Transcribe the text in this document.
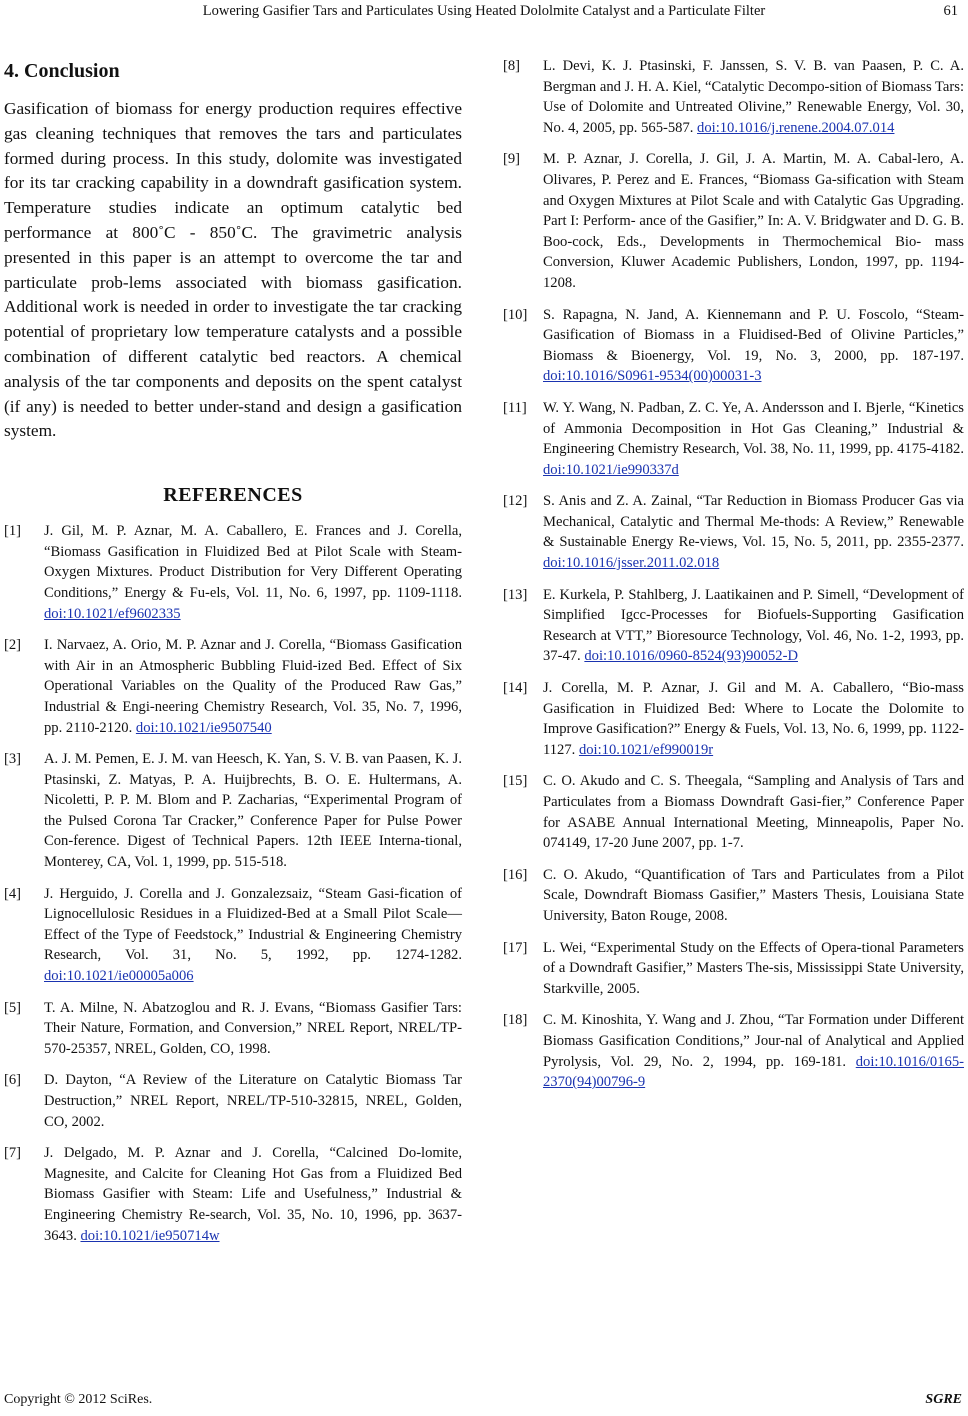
Lowering Gasifier Tars and Particulates Using Heated Dololmite Catalyst and a Particulate Filter	61
4. Conclusion

Gasification of biomass for energy production requires effective gas cleaning techniques that removes the tars and particulates formed during process. In this study, dolomite was investigated for its tar cracking capability in a downdraft gasification system. Temperature studies indicate an optimum catalytic bed performance at 800˚C - 850˚C. The gravimetric analysis presented in this paper is an attempt to overcome the tar and particulate prob-lems associated with biomass gasification. Additional work is needed in order to investigate the tar cracking potential of proprietary low temperature catalysts and a possible combination of different catalytic bed reactors. A chemical analysis of the tar components and deposits on the spent catalyst (if any) is needed to better under-stand and design a gasification system.

REFERENCES
[1]	J. Gil, M. P. Aznar, M. A. Caballero, E. Frances and J. Corella, “Biomass Gasification in Fluidized Bed at Pilot Scale with Steam-Oxygen Mixtures. Product Distribution for Very Different Operating Conditions,” Energy & Fu-els, Vol. 11, No. 6, 1997, pp. 1109-1118. doi:10.1021/ef9602335
[2]	I. Narvaez, A. Orio, M. P. Aznar and J. Corella, “Biomass Gasification with Air in an Atmospheric Bubbling Fluid-ized Bed. Effect of Six Operational Variables on the Quality of the Produced Raw Gas,” Industrial & Engi-neering Chemistry Research, Vol. 35, No. 7, 1996, pp. 2110-2120. doi:10.1021/ie9507540
[3]	A. J. M. Pemen, E. J. M. van Heesch, K. Yan, S. V. B. van Paasen, K. J. Ptasinski, Z. Matyas, P. A. Huijbrechts, B. O. E. Hultermans, A. Nicoletti, P. P. M. Blom and P. Zacharias, “Experimental Program of the Pulsed Corona Tar Cracker,” Conference Paper for Pulse Power Con-ference. Digest of Technical Papers. 12th IEEE Interna-tional, Monterey, CA, Vol. 1, 1999, pp. 515-518.
[4]	J. Herguido, J. Corella and J. Gonzalezsaiz, “Steam Gasi-fication of Lignocellulosic Residues in a Fluidized-Bed at a Small Pilot Scale—Effect of the Type of Feedstock,” Industrial & Engineering Chemistry Research, Vol. 31, No. 5, 1992, pp. 1274-1282. doi:10.1021/ie00005a006
[5]	T. A. Milne, N. Abatzoglou and R. J. Evans, “Biomass Gasifier Tars: Their Nature, Formation, and Conversion,” NREL Report, NREL/TP-570-25357, NREL, Golden, CO, 1998.
[6]	D. Dayton, “A Review of the Literature on Catalytic Biomass Tar Destruction,” NREL Report, NREL/TP-510-32815, NREL, Golden, CO, 2002.
[7]	J. Delgado, M. P. Aznar and J. Corella, “Calcined Do-lomite, Magnesite, and Calcite for Cleaning Hot Gas from a Fluidized Bed Biomass Gasifier with Steam: Life and Usefulness,” Industrial & Engineering Chemistry Re-search, Vol. 35, No. 10, 1996, pp. 3637-3643. doi:10.1021/ie950714w
[8]	L. Devi, K. J. Ptasinski, F. Janssen, S. V. B. van Paasen, P. C. A. Bergman and J. H. A. Kiel, “Catalytic Decompo-sition of Biomass Tars: Use of Dolomite and Untreated Olivine,” Renewable Energy, Vol. 30, No. 4, 2005, pp. 565-587. doi:10.1016/j.renene.2004.07.014
[9]	M. P. Aznar, J. Corella, J. Gil, J. A. Martin, M. A. Cabal-lero, A. Olivares, P. Perez and E. Frances, “Biomass Ga-sification with Steam and Oxygen Mixtures at Pilot Scale and with Catalytic Gas Upgrading. Part I: Perform- ance of the Gasifier,” In: A. V. Bridgwater and D. G. B. Boo-cock, Eds., Developments in Thermochemical Bio- mass Conversion, Kluwer Academic Publishers, London, 1997, pp. 1194-1208.
[10]	S. Rapagna, N. Jand, A. Kiennemann and P. U. Foscolo, “Steam-Gasification of Biomass in a Fluidised-Bed of Olivine Particles,” Biomass & Bioenergy, Vol. 19, No. 3, 2000, pp. 187-197. doi:10.1016/S0961-9534(00)00031-3
[11]	W. Y. Wang, N. Padban, Z. C. Ye, A. Andersson and I. Bjerle, “Kinetics of Ammonia Decomposition in Hot Gas Cleaning,” Industrial & Engineering Chemistry Research, Vol. 38, No. 11, 1999, pp. 4175-4182. doi:10.1021/ie990337d
[12]	S. Anis and Z. A. Zainal, “Tar Reduction in Biomass Producer Gas via Mechanical, Catalytic and Thermal Me-thods: A Review,” Renewable & Sustainable Energy Re-views, Vol. 15, No. 5, 2011, pp. 2355-2377. doi:10.1016/jsser.2011.02.018
[13]	E. Kurkela, P. Stahlberg, J. Laatikainen and P. Simell, “Development of Simplified Igcc-Processes for Biofuels-Supporting Gasification Research at VTT,” Bioresource Technology, Vol. 46, No. 1-2, 1993, pp. 37-47. doi:10.1016/0960-8524(93)90052-D
[14]	J. Corella, M. P. Aznar, J. Gil and M. A. Caballero, “Bio-mass Gasification in Fluidized Bed: Where to Locate the Dolomite to Improve Gasification?” Energy & Fuels, Vol. 13, No. 6, 1999, pp. 1122-1127. doi:10.1021/ef990019r
[15]	C. O. Akudo and C. S. Theegala, “Sampling and Analysis of Tars and Particulates from a Biomass Downdraft Gasi-fier,” Conference Paper for ASABE Annual International Meeting, Minneapolis, Paper No. 074149, 17-20 June 2007, pp. 1-7.
[16]	C. O. Akudo, “Quantification of Tars and Particulates from a Pilot Scale, Downdraft Biomass Gasifier,” Masters Thesis, Louisiana State University, Baton Rouge, 2008.
[17]	L. Wei, “Experimental Study on the Effects of Opera-tional Parameters of a Downdraft Gasifier,” Masters The-sis, Mississippi State University, Starkville, 2005.
[18]	C. M. Kinoshita, Y. Wang and J. Zhou, “Tar Formation under Different Biomass Gasification Conditions,” Jour-nal of Analytical and Applied Pyrolysis, Vol. 29, No. 2, 1994, pp. 169-181. doi:10.1016/0165-2370(94)00796-9
Copyright © 2012 SciRes.	SGRE
